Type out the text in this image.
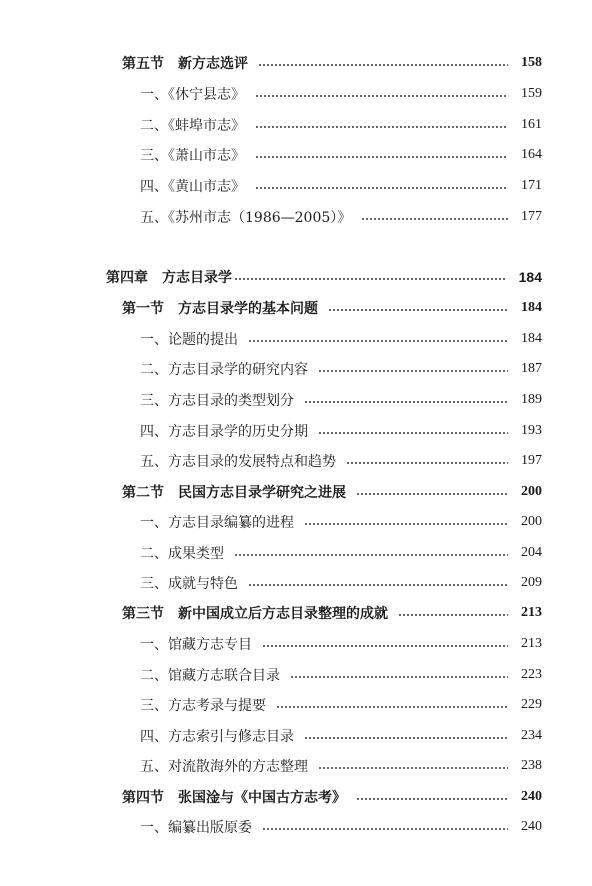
第五节　新方志选评	158
一、《休宁县志》	159
二、《蚌埠市志》	161
三、《萧山市志》	164
四、《黄山市志》	171
五、《苏州市志（1986—2005）》	177
第四章　方志目录学	184
第一节　方志目录学的基本问题	184
一、论题的提出	184
二、方志目录学的研究内容	187
三、方志目录的类型划分	189
四、方志目录学的历史分期	193
五、方志目录的发展特点和趋势	197
第二节　民国方志目录学研究之进展	200
一、方志目录编纂的进程	200
二、成果类型	204
三、成就与特色	209
第三节　新中国成立后方志目录整理的成就	213
一、馆藏方志专目	213
二、馆藏方志联合目录	223
三、方志考录与提要	229
四、方志索引与修志目录	234
五、对流散海外的方志整理	238
第四节　张国淦与《中国古方志考》	240
一、编纂出版原委	240
